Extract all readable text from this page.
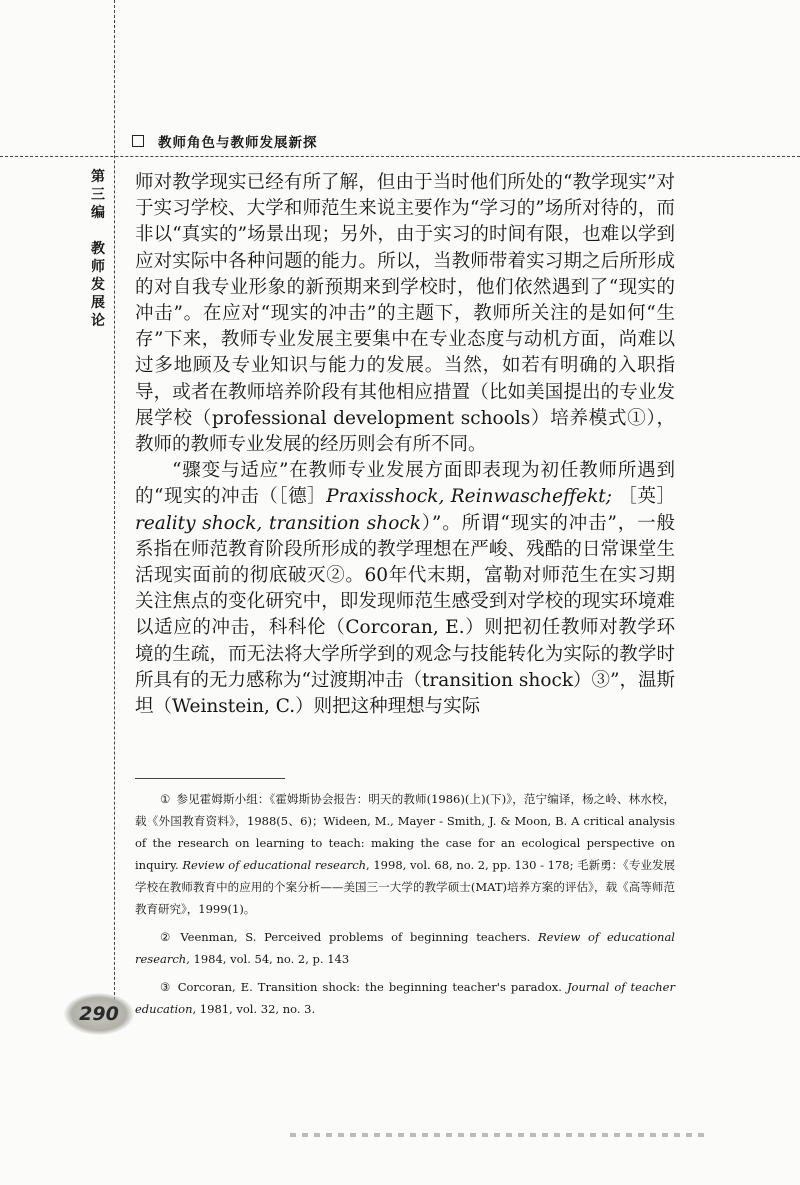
教师角色与教师发展新探
第三编
教师发展论

师对教学现实已经有所了解，但由于当时他们所处的“教学现实”对于实习学校、大学和师范生来说主要作为“学习的”场所对待的，而非以“真实的”场景出现；另外，由于实习的时间有限，也难以学到应对实际中各种问题的能力。所以，当教师带着实习期之后所形成的对自我专业形象的新预期来到学校时，他们依然遇到了“现实的冲击”。在应对“现实的冲击”的主题下，教师所关注的是如何“生存”下来，教师专业发展主要集中在专业态度与动机方面，尚难以过多地顾及专业知识与能力的发展。当然，如若有明确的入职指导，或者在教师培养阶段有其他相应措置（比如美国提出的专业发展学校（professional development schools）培养模式①），教师的教师专业发展的经历则会有所不同。

“骤变与适应”在教师专业发展方面即表现为初任教师所遇到的“现实的冲击（［德］Praxisshock, Reinwascheffekt; ［英］ reality shock, transition shock）”。所谓“现实的冲击”，一般系指在师范教育阶段所形成的教学理想在严峻、残酷的日常课堂生活现实面前的彻底破灭②。60年代末期，富勒对师范生在实习期关注焦点的变化研究中，即发现师范生感受到对学校的现实环境难以适应的冲击，科科伦（Corcoran, E.）则把初任教师对教学环境的生疏，而无法将大学所学到的观念与技能转化为实际的教学时所具有的无力感称为“过渡期冲击（transition shock）③”，温斯坦（Weinstein, C.）则把这种理想与实际

① 参见霍姆斯小组：《霍姆斯协会报告：明天的教师(1986)(上)(下)》，范宁编译，杨之岭、林水校，载《外国教育资料》，1988(5、6)；Wideen, M., Mayer - Smith, J. & Moon, B. A critical analysis of the research on learning to teach: making the case for an ecological perspective on inquiry. Review of educational research, 1998, vol. 68, no. 2, pp. 130 - 178; 毛新勇：《专业发展学校在教师教育中的应用的个案分析——美国三一大学的教学硕士(MAT)培养方案的评估》，载《高等师范教育研究》，1999(1)。

② Veenman, S. Perceived problems of beginning teachers. Review of educational research, 1984, vol. 54, no. 2, p. 143

③ Corcoran, E. Transition shock: the beginning teacher's paradox. Journal of teacher education, 1981, vol. 32, no. 3.

290
